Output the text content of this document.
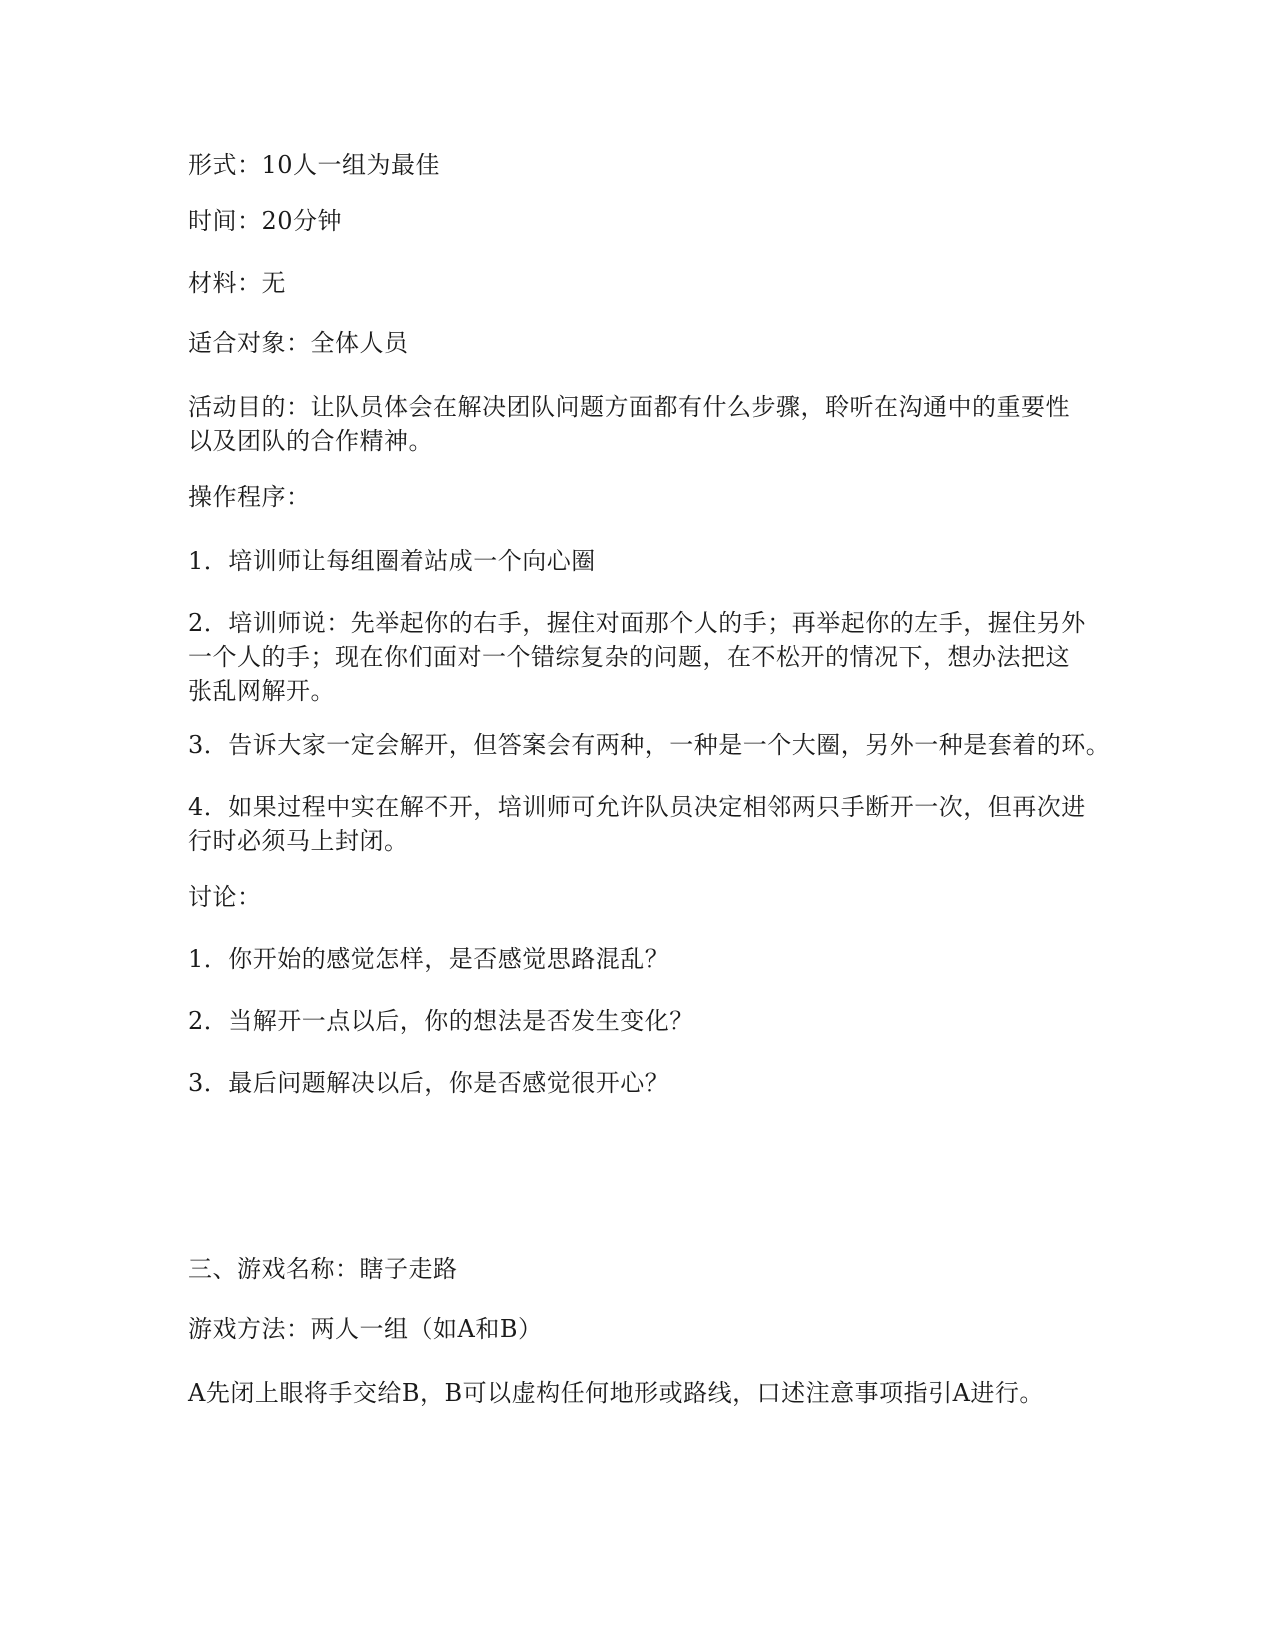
形式：10人一组为最佳

时间：20分钟

材料：无

适合对象：全体人员

活动目的：让队员体会在解决团队问题方面都有什么步骤，聆听在沟通中的重要性
以及团队的合作精神。

操作程序：

1．培训师让每组圈着站成一个向心圈

2．培训师说：先举起你的右手，握住对面那个人的手；再举起你的左手，握住另外
一个人的手；现在你们面对一个错综复杂的问题，在不松开的情况下，想办法把这
张乱网解开。

3．告诉大家一定会解开，但答案会有两种，一种是一个大圈，另外一种是套着的环。

4．如果过程中实在解不开，培训师可允许队员决定相邻两只手断开一次，但再次进
行时必须马上封闭。

讨论：

1．你开始的感觉怎样，是否感觉思路混乱？

2．当解开一点以后，你的想法是否发生变化？

3．最后问题解决以后，你是否感觉很开心？

三、游戏名称：瞎子走路

游戏方法：两人一组（如A和B）

A先闭上眼将手交给B，B可以虚构任何地形或路线，口述注意事项指引A进行。
